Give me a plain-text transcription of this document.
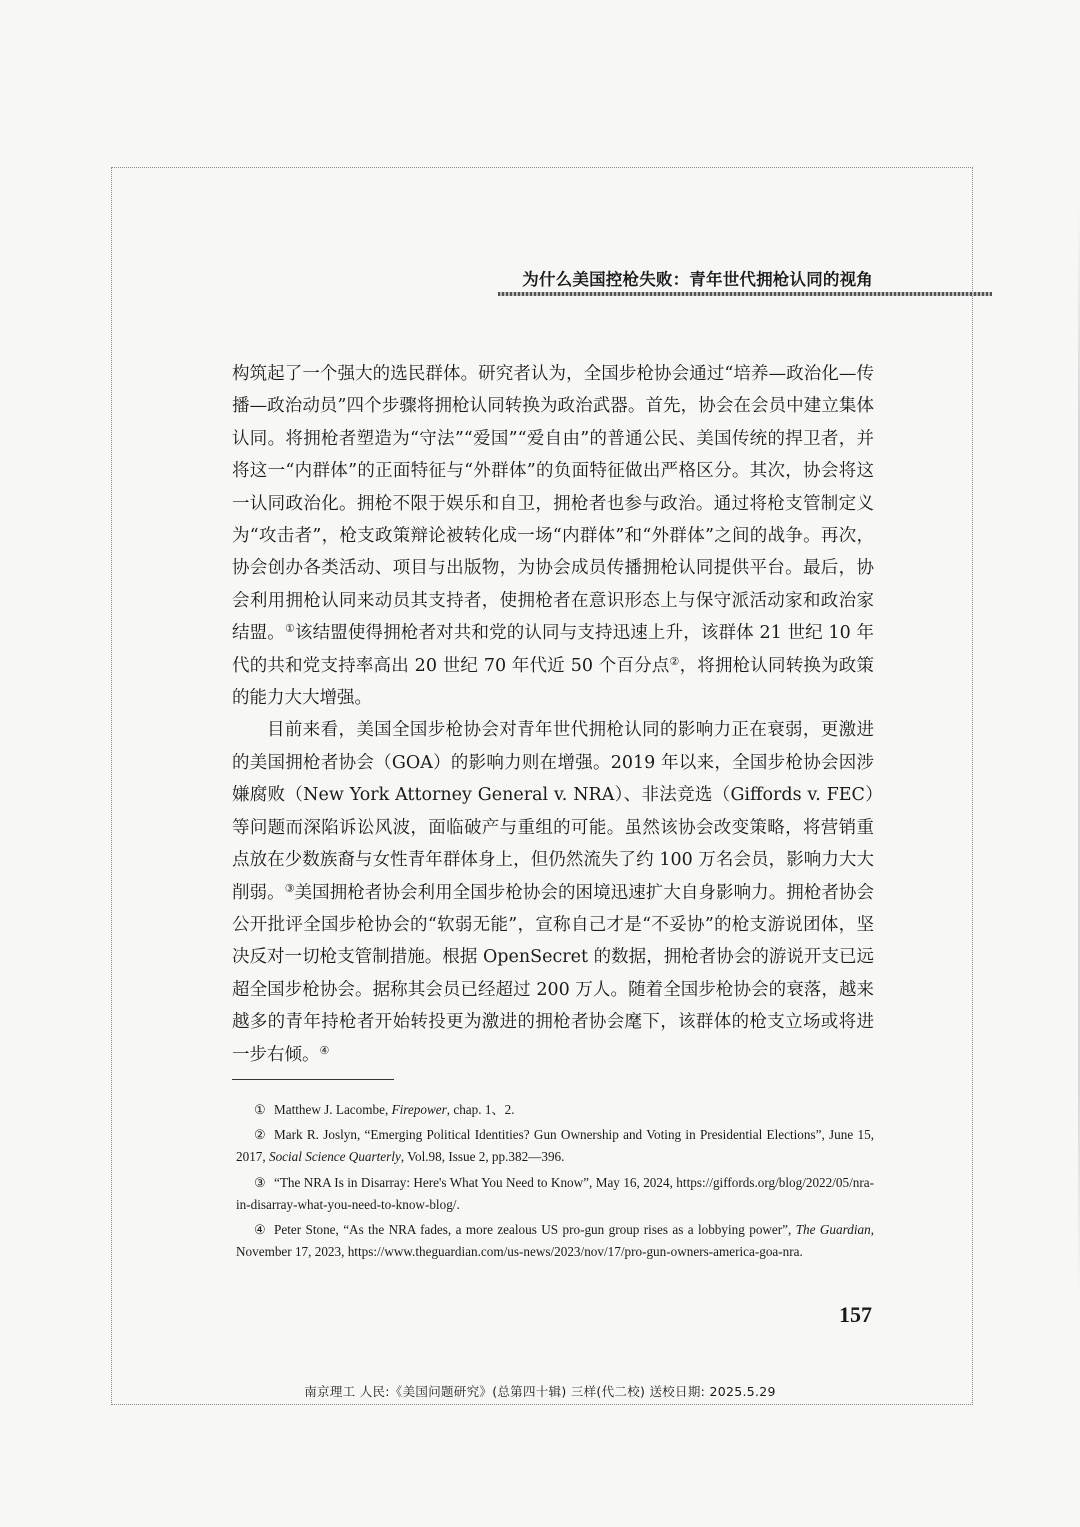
为什么美国控枪失败：青年世代拥枪认同的视角

构筑起了一个强大的选民群体。研究者认为，全国步枪协会通过“培养—政治化—传播—政治动员”四个步骤将拥枪认同转换为政治武器。首先，协会在会员中建立集体认同。将拥枪者塑造为“守法”“爱国”“爱自由”的普通公民、美国传统的捍卫者，并将这一“内群体”的正面特征与“外群体”的负面特征做出严格区分。其次，协会将这一认同政治化。拥枪不限于娱乐和自卫，拥枪者也参与政治。通过将枪支管制定义为“攻击者”，枪支政策辩论被转化成一场“内群体”和“外群体”之间的战争。再次，协会创办各类活动、项目与出版物，为协会成员传播拥枪认同提供平台。最后，协会利用拥枪认同来动员其支持者，使拥枪者在意识形态上与保守派活动家和政治家结盟。①该结盟使得拥枪者对共和党的认同与支持迅速上升，该群体 21 世纪 10 年代的共和党支持率高出 20 世纪 70 年代近 50 个百分点②，将拥枪认同转换为政策的能力大大增强。

目前来看，美国全国步枪协会对青年世代拥枪认同的影响力正在衰弱，更激进的美国拥枪者协会（GOA）的影响力则在增强。2019 年以来，全国步枪协会因涉嫌腐败（New York Attorney General v. NRA）、非法竞选（Giffords v. FEC）等问题而深陷诉讼风波，面临破产与重组的可能。虽然该协会改变策略，将营销重点放在少数族裔与女性青年群体身上，但仍然流失了约 100 万名会员，影响力大大削弱。③美国拥枪者协会利用全国步枪协会的困境迅速扩大自身影响力。拥枪者协会公开批评全国步枪协会的“软弱无能”，宣称自己才是“不妥协”的枪支游说团体，坚决反对一切枪支管制措施。根据 OpenSecret 的数据，拥枪者协会的游说开支已远超全国步枪协会。据称其会员已经超过 200 万人。随着全国步枪协会的衰落，越来越多的青年持枪者开始转投更为激进的拥枪者协会麾下，该群体的枪支立场或将进一步右倾。④

① Matthew J. Lacombe, Firepower, chap. 1、2.

② Mark R. Joslyn, “Emerging Political Identities? Gun Ownership and Voting in Presidential Elections”, June 15, 2017, Social Science Quarterly, Vol.98, Issue 2, pp.382—396.

③ “The NRA Is in Disarray: Here's What You Need to Know”, May 16, 2024, https://giffords.org/blog/2022/05/nra-in-disarray-what-you-need-to-know-blog/.

④ Peter Stone, “As the NRA fades, a more zealous US pro-gun group rises as a lobbying power”, The Guardian, November 17, 2023, https://www.theguardian.com/us-news/2023/nov/17/pro-gun-owners-america-goa-nra.

157
南京理工 人民:《美国问题研究》(总第四十辑) 三样(代二校) 送校日期: 2025.5.29
